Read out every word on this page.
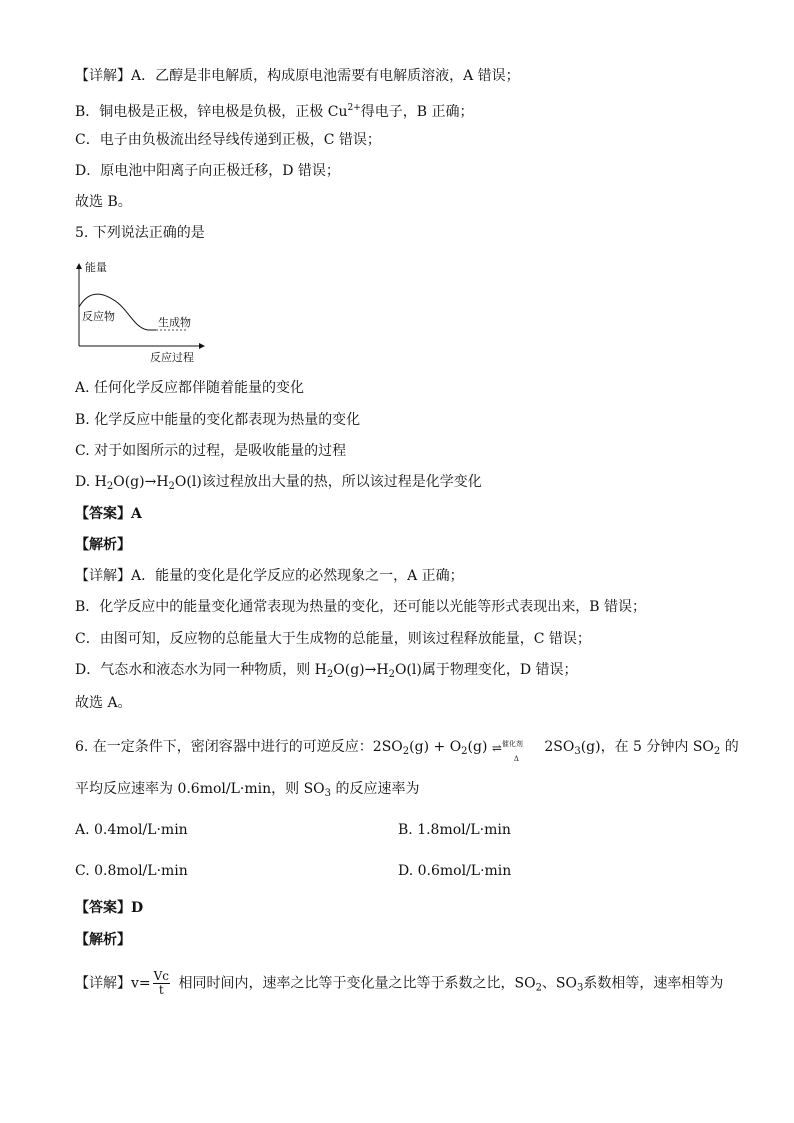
【详解】A．乙醇是非电解质，构成原电池需要有电解质溶液，A 错误；
B．铜电极是正极，锌电极是负极，正极 $Cu^{2+}$得电子，B 正确；
C．电子由负极流出经导线传递到正极，C 错误；
D．原电池中阳离子向正极迁移，D 错误；
故选 B。
5. 下列说法正确的是
能量
反应过程
反应物	生成物
A. 任何化学反应都伴随着能量的变化
B. 化学反应中能量的变化都表现为热量的变化
C. 对于如图所示的过程，是吸收能量的过程
D. $H_2O(g)\to H_2O(l)$该过程放出大量的热，所以该过程是化学变化
【答案】A
【解析】
【详解】A．能量的变化是化学反应的必然现象之一，A 正确；
B．化学反应中的能量变化通常表现为热量的变化，还可能以光能等形式表现出来，B 错误；
C．由图可知，反应物的总能量大于生成物的总能量，则该过程释放能量，C 错误；
D．气态水和液态水为同一种物质，则 $H_2O(g)\to H_2O(l)$属于物理变化，D 错误；
故选 A。
6. 在一定条件下，密闭容器中进行的可逆反应：$2SO_2(g) + O_2(g)$ 催化剂
⇌
Δ
$2SO_3(g)$，在 5 分钟内 $SO_2$ 的
平均反应速率为 0.6mol/L·min，则 $SO_3$ 的反应速率为
A. 0.4mol/L·min	B. 1.8mol/L·min
C. 0.8mol/L·min	D. 0.6mol/L·min
【答案】D
【解析】
【详解】$v= \frac{Vc}{t}$ 相同时间内，速率之比等于变化量之比等于系数之比，$SO_2$、$SO_3$系数相等，速率相等为
